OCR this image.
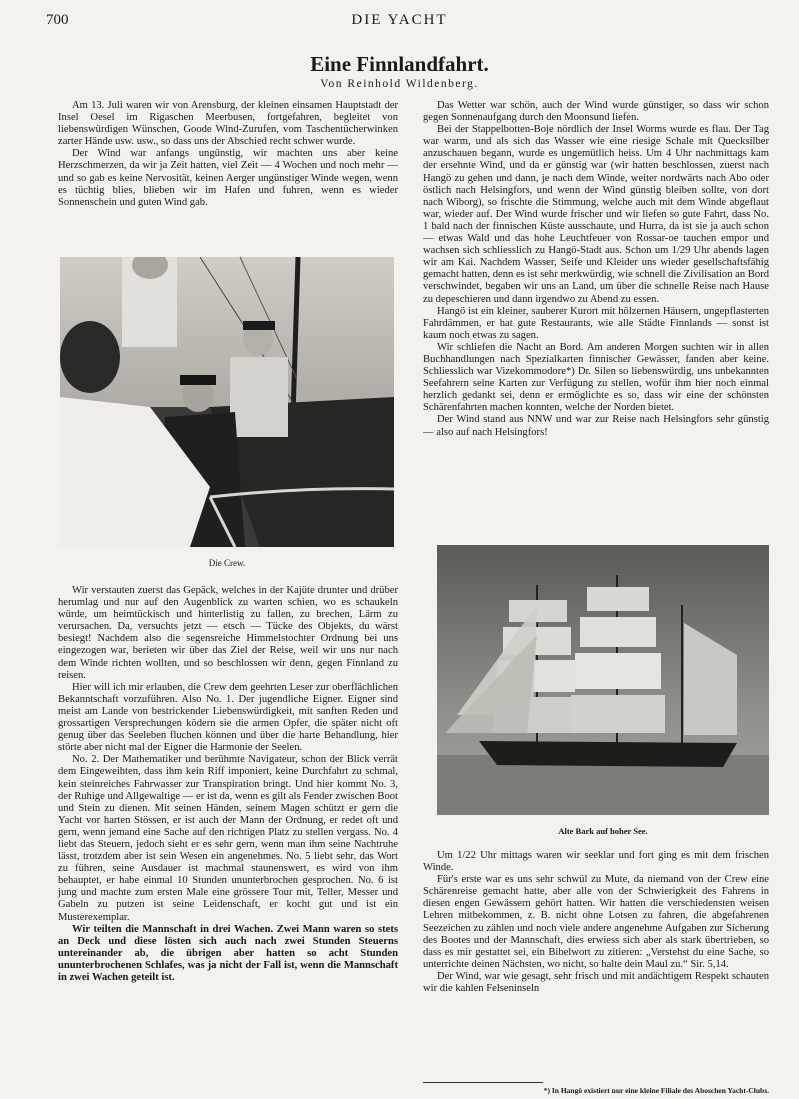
700	DIE YACHT
Eine Finnlandfahrt.
Von Reinhold Wildenberg.

Am 13. Juli waren wir von Arensburg, der kleinen einsamen Hauptstadt der Insel Oesel im Rigaschen Meerbusen, fortgefahren, begleitet von liebenswürdigen Wünschen, Goode Wind-Zurufen, vom Taschentücherwinken zarter Hände usw. usw., so dass uns der Abschied recht schwer wurde.

Der Wind war anfangs ungünstig, wir machten uns aber keine Herzschmerzen, da wir ja Zeit hatten, viel Zeit — 4 Wochen und noch mehr — und so gab es keine Nervosität, keinen Aerger ungünstiger Winde wegen, wenn es tüchtig blies, blieben wir im Hafen und fuhren, wenn es wieder Sonnenschein und guten Wind gab.

Die Crew.

Wir verstauten zuerst das Gepäck, welches in der Kajüte drunter und drüber herumlag und nur auf den Augenblick zu warten schien, wo es schaukeln würde, um heimtückisch und hinterlistig zu fallen, zu brechen, Lärm zu verursachen. Da, versuchts jetzt — etsch — Tücke des Objekts, du wärst besiegt! Nachdem also die segensreiche Himmelstochter Ordnung bei uns eingezogen war, berieten wir über das Ziel der Reise, weil wir uns nur nach dem Winde richten wollten, und so beschlossen wir denn, gegen Finnland zu reisen.

Hier will ich mir erlauben, die Crew dem geehrten Leser zur oberflächlichen Bekanntschaft vorzuführen. Also No. 1. Der jugendliche Eigner. Eigner sind meist am Lande von bestrickender Liebenswürdigkeit, mit sanften Reden und grossartigen Versprechungen ködern sie die armen Opfer, die später nicht oft genug über das Seeleben fluchen können und über die harte Behandlung, hier störte aber nicht mal der Eigner die Harmonie der Seelen.

No. 2. Der Mathematiker und berühmte Navigateur, schon der Blick verrät dem Eingeweihten, dass ihm kein Riff imponiert, keine Durchfahrt zu schmal, kein steinreiches Fahrwasser zur Transpiration bringt. Und hier kommt No. 3, der Ruhige und Allgewaltige — er ist da, wenn es gilt als Fender zwischen Boot und Stein zu dienen. Mit seinen Händen, seinem Magen schützt er gern die Yacht vor harten Stössen, er ist auch der Mann der Ordnung, er redet oft und gern, wenn jemand eine Sache auf den richtigen Platz zu stellen vergass. No. 4 liebt das Steuern, jedoch sieht er es sehr gern, wenn man ihm seine Nachtruhe lässt, trotzdem aber ist sein Wesen ein angenehmes. No. 5 liebt sehr, das Wort zu führen, seine Ausdauer ist machmal staunenswert, es wird von ihm behauptet, er habe einmal 10 Stunden ununterbrochen gesprochen. No. 6 ist jung und machte zum ersten Male eine grössere Tour mit, Teller, Messer und Gabeln zu putzen ist seine Leidenschaft, er kocht gut und ist ein Musterexemplar.

Wir teilten die Mannschaft in drei Wachen. Zwei Mann waren so stets an Deck und diese lösten sich auch nach zwei Stunden Steuerns untereinander ab, die übrigen aber hatten so acht Stunden ununterbrochenen Schlafes, was ja nicht der Fall ist, wenn die Mannschaft in zwei Wachen geteilt ist.

Das Wetter war schön, auch der Wind wurde günstiger, so dass wir schon gegen Sonnenaufgang durch den Moonsund liefen.

Bei der Stappelbotten-Boje nördlich der Insel Worms wurde es flau. Der Tag war warm, und als sich das Wasser wie eine riesige Schale mit Quecksilber anzuschauen begann, wurde es ungemütlich heiss. Um 4 Uhr nachmittags kam der ersehnte Wind, und da er günstig war (wir hatten beschlossen, zuerst nach Hangö zu gehen und dann, je nach dem Winde, weiter nordwärts nach Abo oder östlich nach Helsingfors, und wenn der Wind günstig bleiben sollte, von dort nach Wiborg), so frischte die Stimmung, welche auch mit dem Winde abgeflaut war, wieder auf. Der Wind wurde frischer und wir liefen so gute Fahrt, dass No. 1 bald nach der finnischen Küste ausschaute, und Hurra, da ist sie ja auch schon — etwas Wald und das hohe Leuchtfeuer von Rossar-oe tauchen empor und wachsen sich schliesslich zu Hangö-Stadt aus. Schon um 1/29 Uhr abends lagen wir am Kai. Nachdem Wasser, Seife und Kleider uns wieder gesellschaftsfähig gemacht hatten, denn es ist sehr merkwürdig, wie schnell die Zivilisation an Bord verschwindet, begaben wir uns an Land, um über die schnelle Reise nach Hause zu depeschieren und dann irgendwo zu Abend zu essen.

Hangö ist ein kleiner, sauberer Kurort mit hölzernen Häusern, ungepflasterten Fahrdämmen, er hat gute Restaurants, wie alle Städte Finnlands — sonst ist kaum noch etwas zu sagen.

Wir schliefen die Nacht an Bord. Am anderen Morgen suchten wir in allen Buchhandlungen nach Spezialkarten finnischer Gewässer, fanden aber keine. Schliesslich war Vizekommodore*) Dr. Silen so liebenswürdig, uns unbekannten Seefahrern seine Karten zur Verfügung zu stellen, wofür ihm hier noch einmal herzlich gedankt sei, denn er ermöglichte es so, dass wir eine der schönsten Schärenfahrten machen konnten, welche der Norden bietet.

Der Wind stand aus NNW und war zur Reise nach Helsingfors sehr günstig — also auf nach Helsingfors!

Alte Bark auf hoher See.

Um 1/22 Uhr mittags waren wir seeklar und fort ging es mit dem frischen Winde.

Für's erste war es uns sehr schwül zu Mute, da niemand von der Crew eine Schärenreise gemacht hatte, aber alle von der Schwierigkeit des Fahrens in diesen engen Gewässern gehört hatten. Wir hatten die verschiedensten weisen Lehren mitbekommen, z. B. nicht ohne Lotsen zu fahren, die abgefahrenen Seezeichen zu zählen und noch viele andere angenehme Aufgaben zur Sicherung des Bootes und der Mannschaft, dies erwiess sich aber als stark übertrieben, so dass es mir gestattet sei, ein Bibelwort zu zitieren: „Verstehst du eine Sache, so unterrichte deinen Nächsten, wo nicht, so halte dein Maul zu.“ Sir. 5,14.

Der Wind, war wie gesagt, sehr frisch und mit andächtigem Respekt schauten wir die kahlen Felseninseln

*) In Hangö existiert nur eine kleine Filiale des Aboschen Yacht-Clubs.
